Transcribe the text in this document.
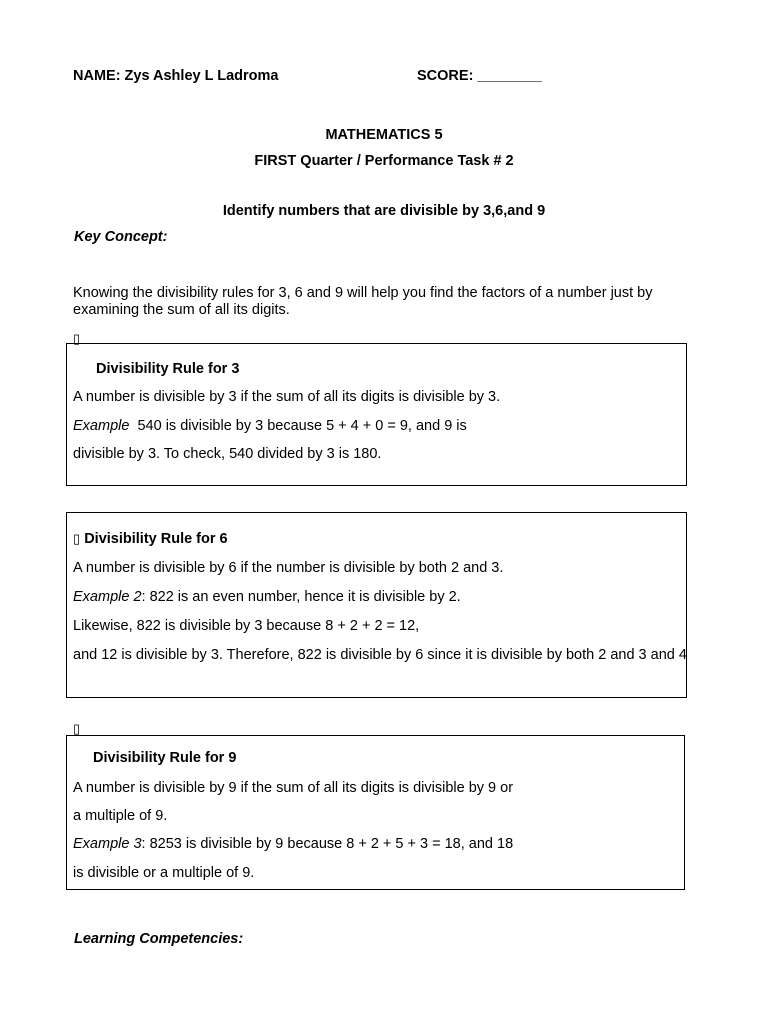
NAME: Zys Ashley L Ladroma	SCORE: ________
MATHEMATICS 5
FIRST Quarter / Performance Task # 2
Identify numbers that are divisible by 3,6,and 9
Key Concept:
Knowing the divisibility rules for 3, 6 and 9 will help you find the factors of a number just by examining the sum of all its digits.
▯
Divisibility Rule for 3
A number is divisible by 3 if the sum of all its digits is divisible by 3.
Example  540 is divisible by 3 because 5 + 4 + 0 = 9, and 9 is
divisible by 3. To check, 540 divided by 3 is 180.
▯ Divisibility Rule for 6
A number is divisible by 6 if the number is divisible by both 2 and 3.
Example 2: 822 is an even number, hence it is divisible by 2.
Likewise, 822 is divisible by 3 because 8 + 2 + 2 = 12,
and 12 is divisible by 3. Therefore, 822 is divisible by 6 since it is divisible by both 2 and 3 and 4
▯
Divisibility Rule for 9
A number is divisible by 9 if the sum of all its digits is divisible by 9 or
a multiple of 9.
Example 3: 8253 is divisible by 9 because 8 + 2 + 5 + 3 = 18, and 18
is divisible or a multiple of 9.
Learning Competencies:
